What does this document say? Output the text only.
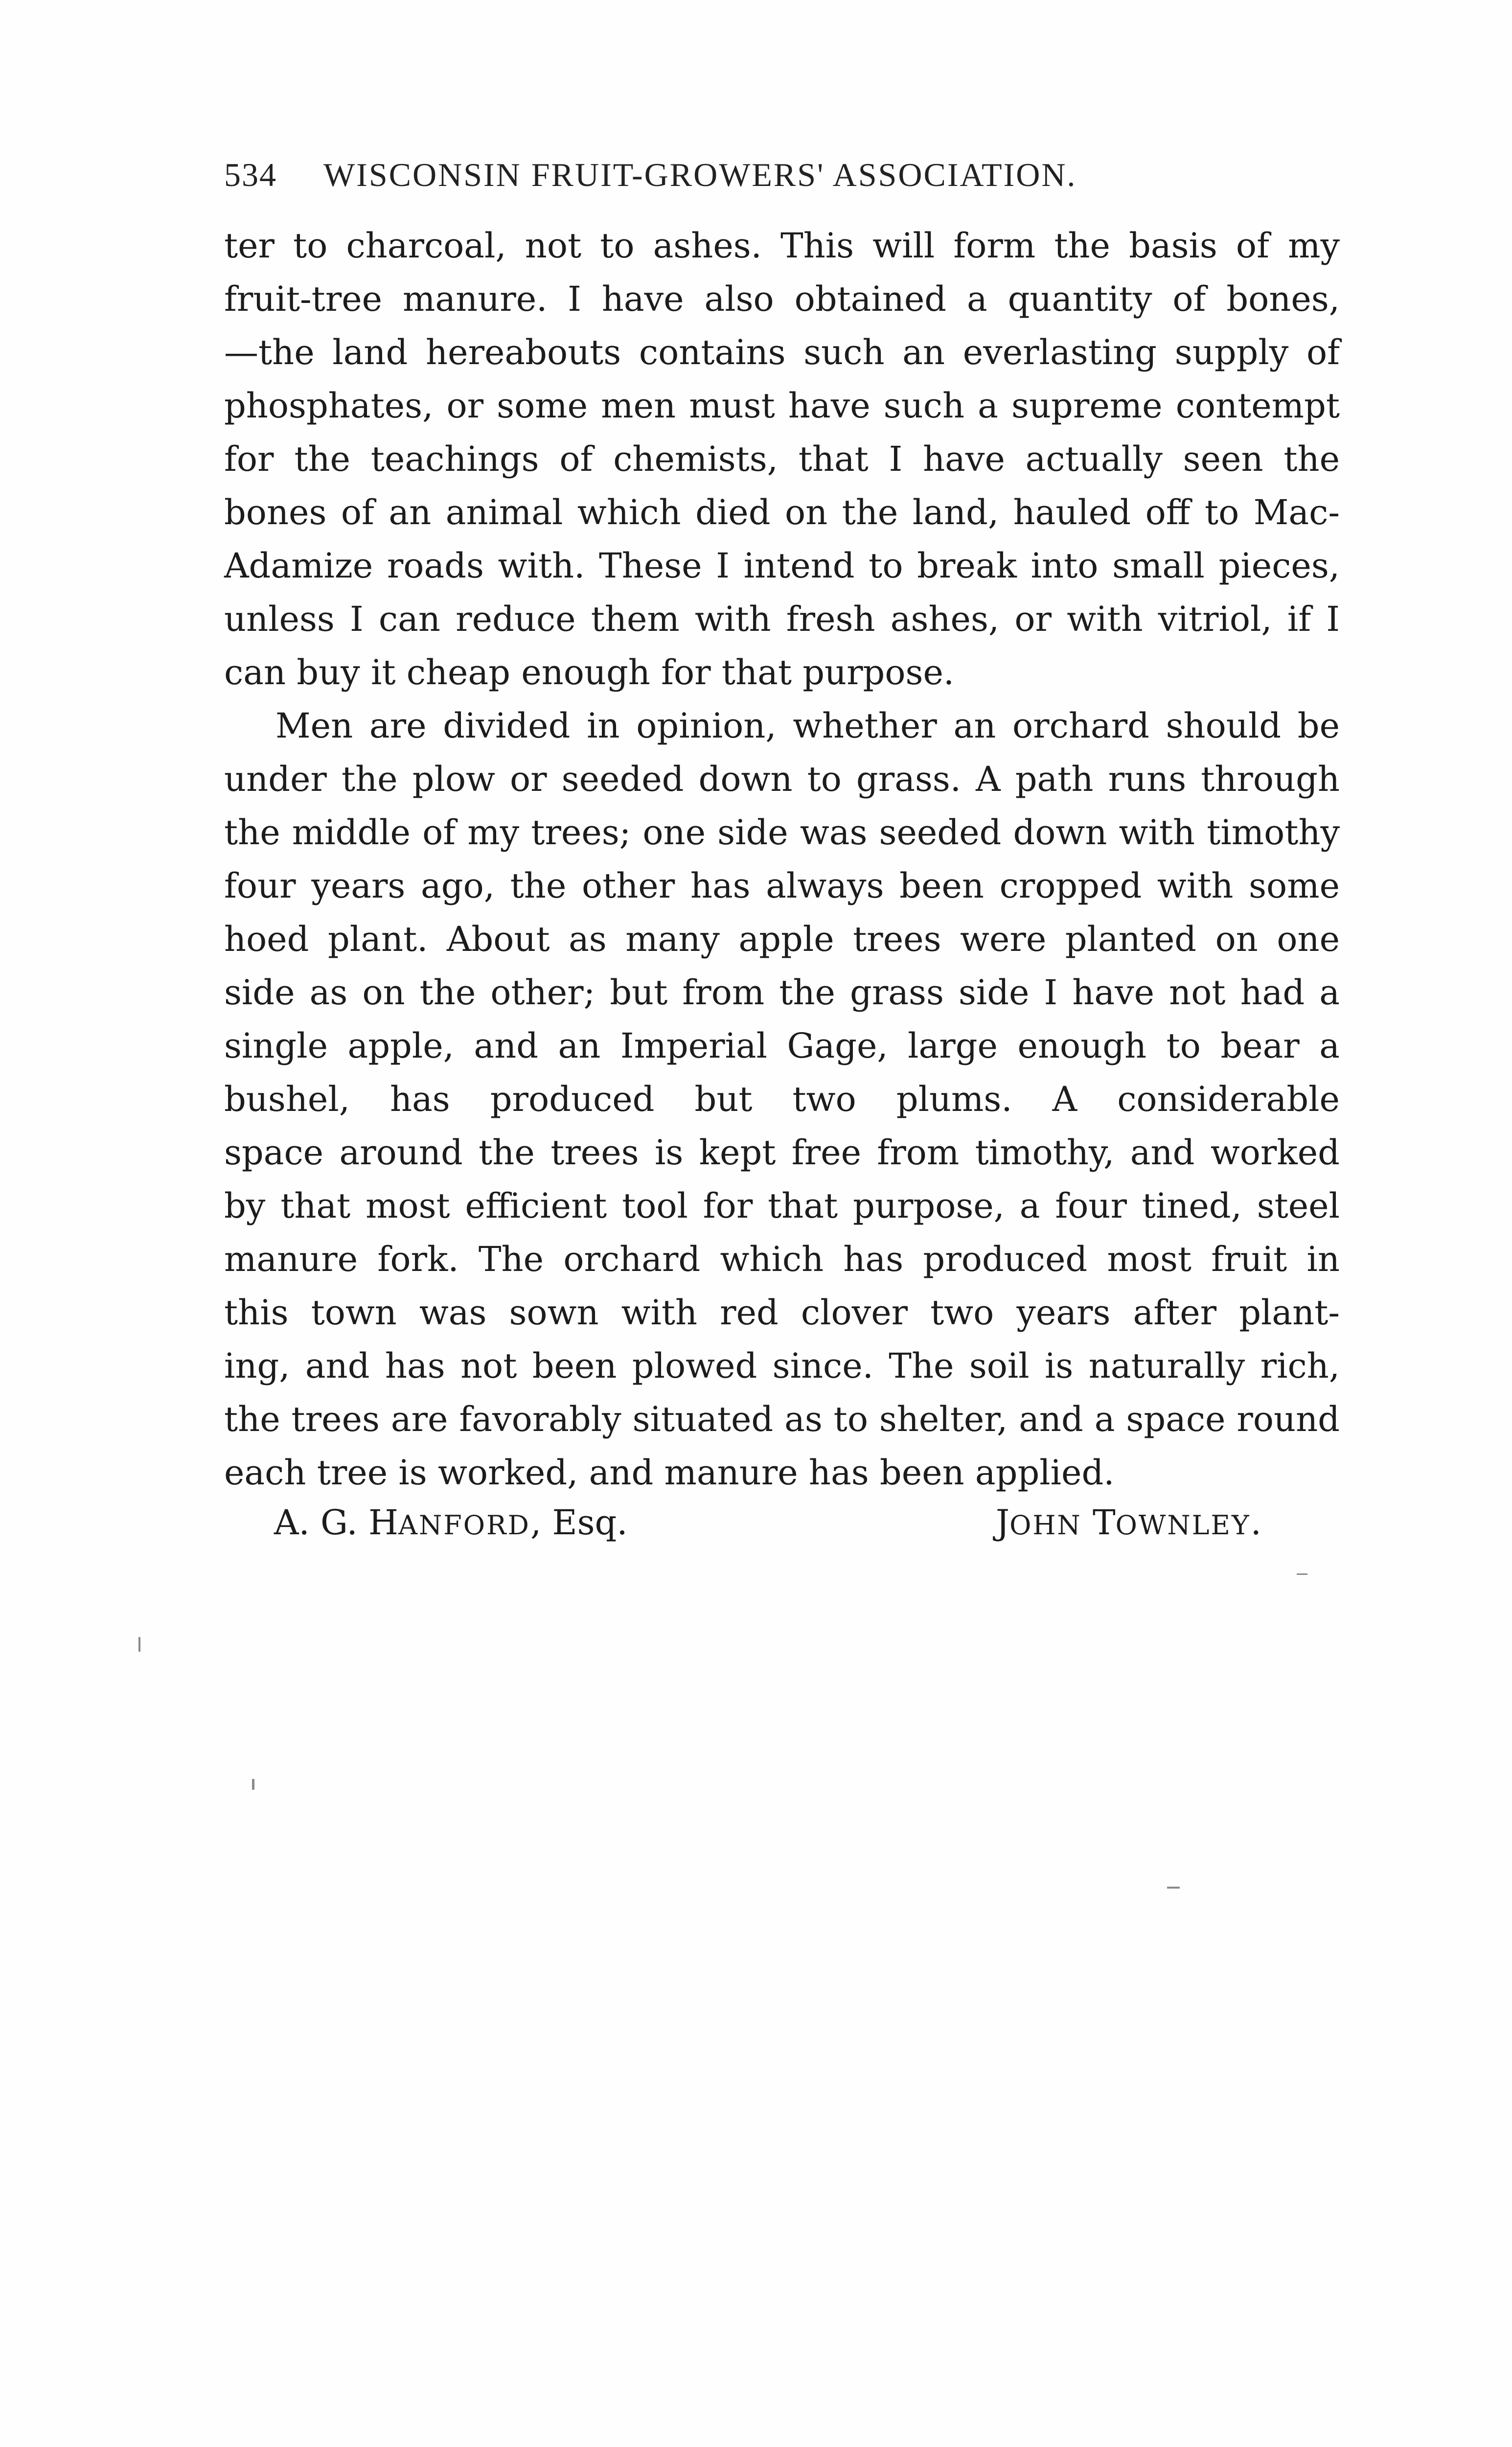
534 WISCONSIN FRUIT-GROWERS' ASSOCIATION.
ter to charcoal, not to ashes. This will form the basis of my
fruit-tree manure. I have also obtained a quantity of bones,
—the land hereabouts contains such an everlasting supply of
phosphates, or some men must have such a supreme contempt
for the teachings of chemists, that I have actually seen the
bones of an animal which died on the land, hauled off to Mac-
Adamize roads with. These I intend to break into small pieces,
unless I can reduce them with fresh ashes, or with vitriol, if I
can buy it cheap enough for that purpose.
Men are divided in opinion, whether an orchard should be
under the plow or seeded down to grass. A path runs through
the middle of my trees; one side was seeded down with timothy
four years ago, the other has always been cropped with some
hoed plant. About as many apple trees were planted on one
side as on the other; but from the grass side I have not had a
single apple, and an Imperial Gage, large enough to bear a
bushel, has produced but two plums. A considerable
space around the trees is kept free from timothy, and worked
by that most efficient tool for that purpose, a four tined, steel
manure fork. The orchard which has produced most fruit in
this town was sown with red clover two years after plant-
ing, and has not been plowed since. The soil is naturally rich,
the trees are favorably situated as to shelter, and a space round
each tree is worked, and manure has been applied.
A. G. HANFORD, Esq.	JOHN TOWNLEY.
